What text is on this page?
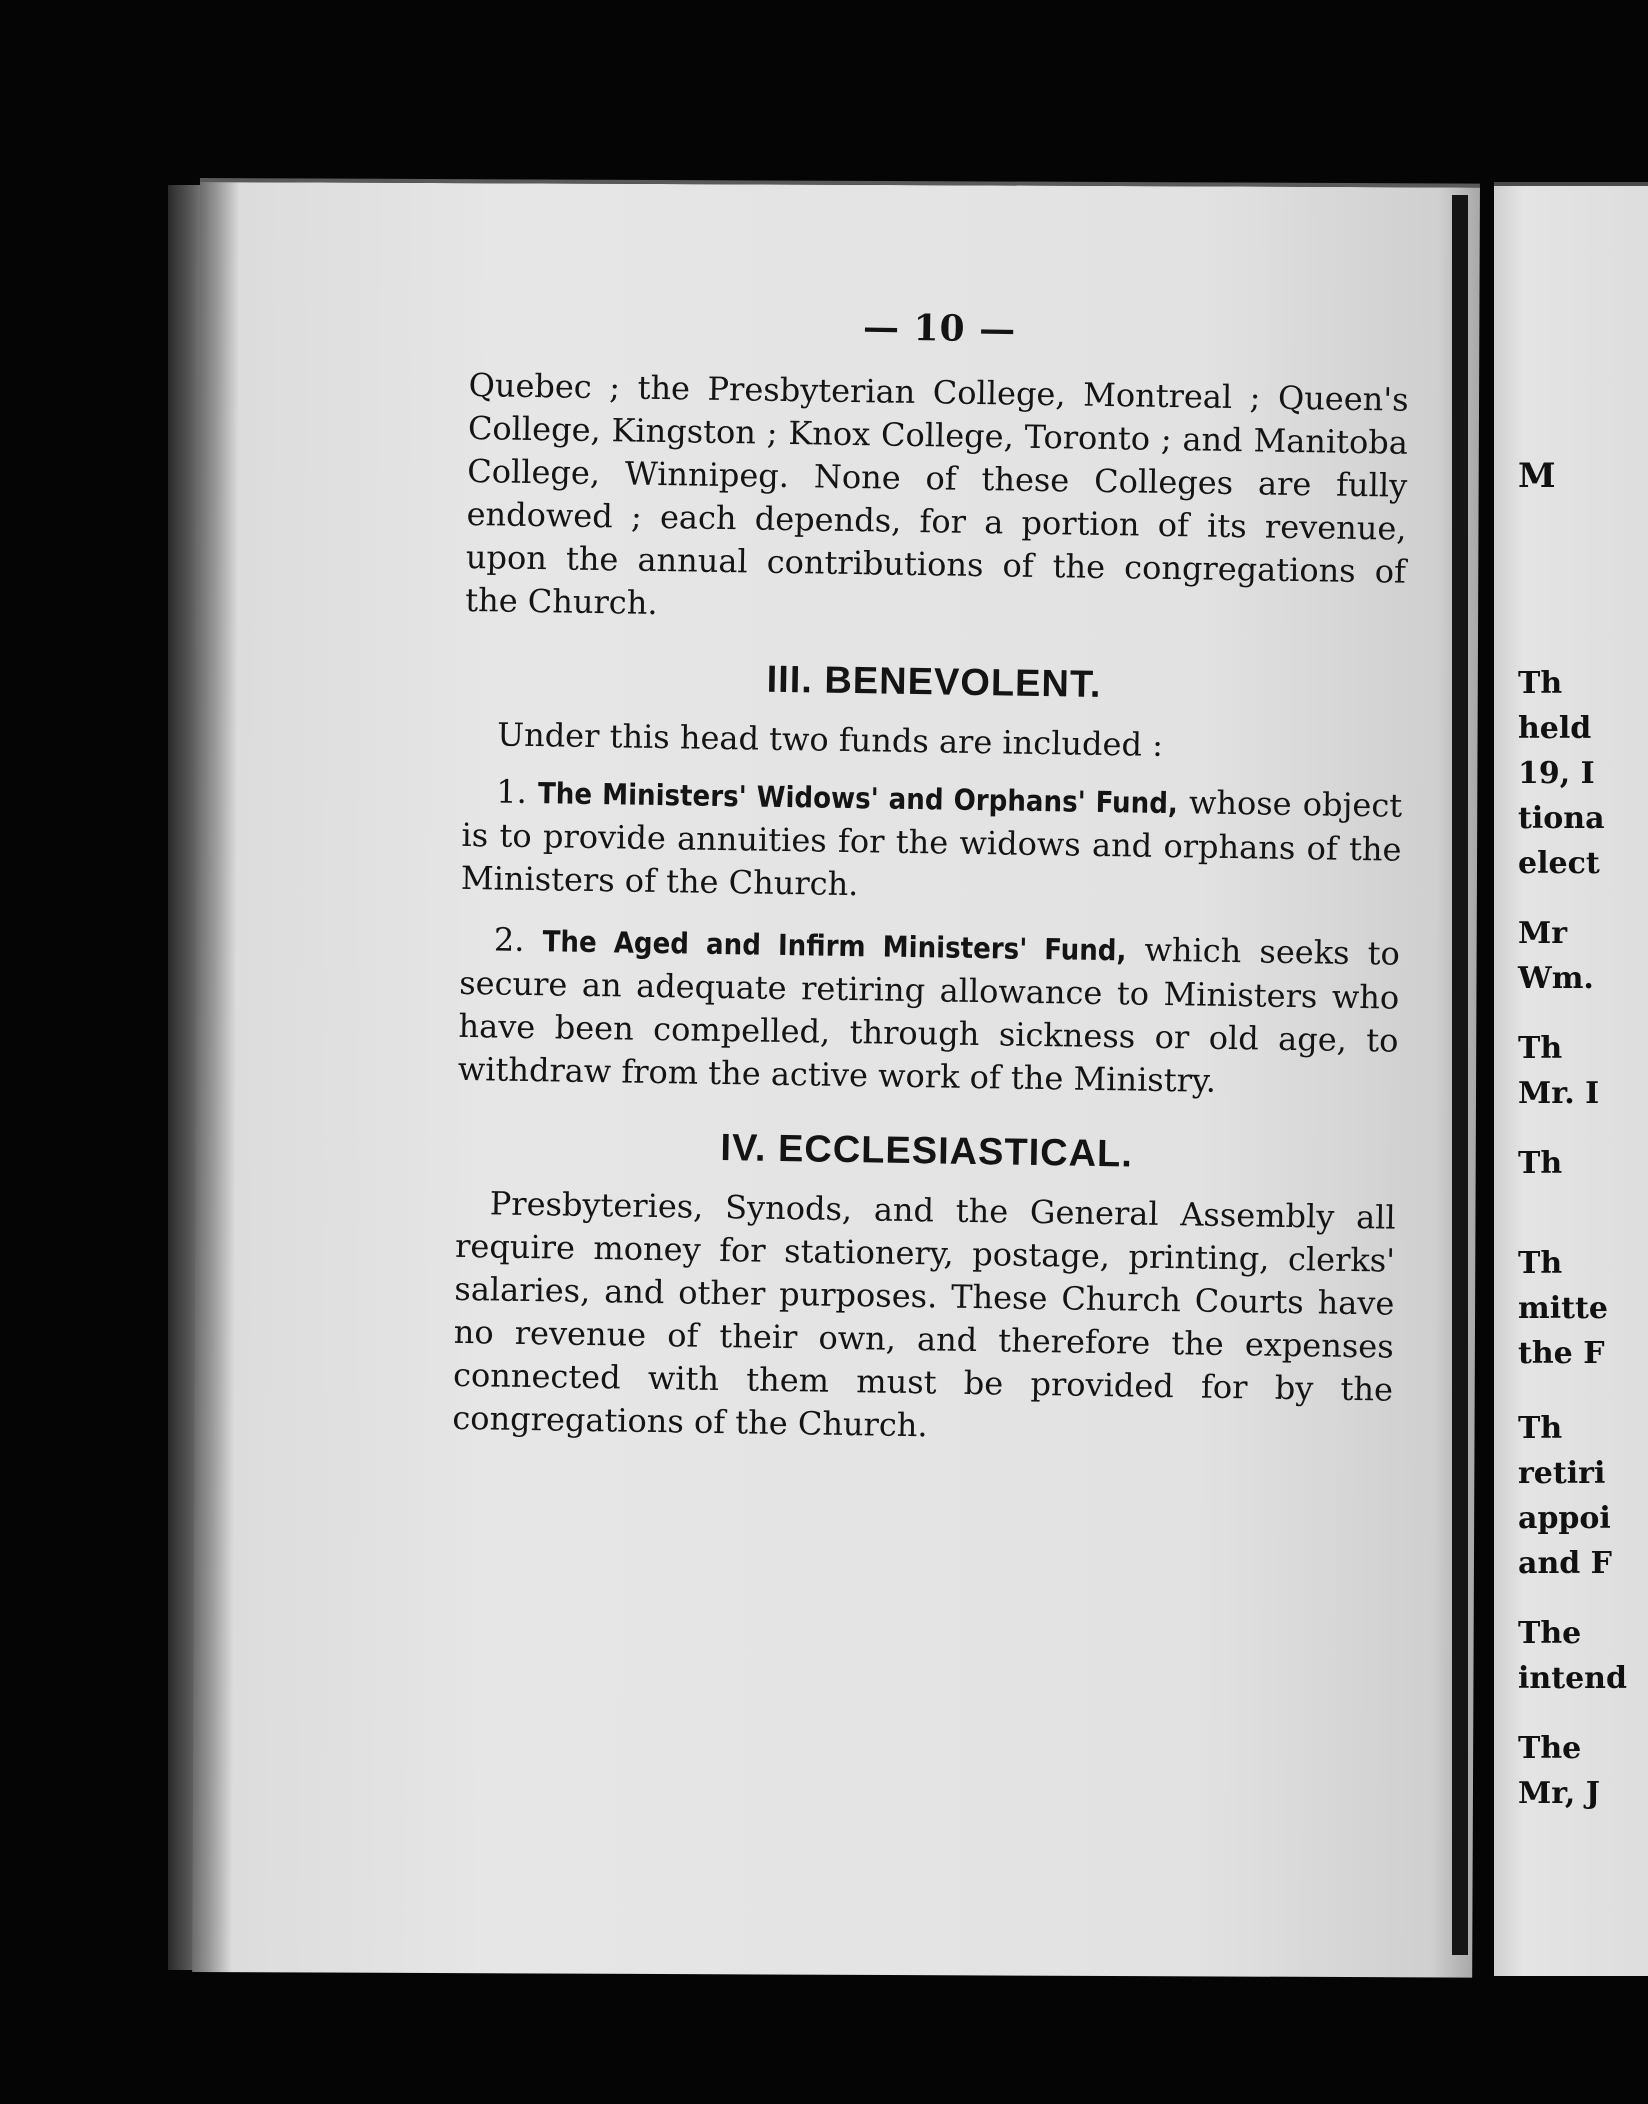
— 10 —

Quebec ; the Presbyterian College, Montreal ; Queen's College, Kingston ; Knox College, Toronto ; and Manitoba College, Winnipeg. None of these Colleges are fully endowed ; each depends, for a portion of its revenue, upon the annual contributions of the congregations of the Church.

III. BENEVOLENT.

Under this head two funds are included :

1. The Ministers' Widows' and Orphans' Fund, whose object is to provide annuities for the widows and orphans of the Ministers of the Church.

2. The Aged and Infirm Ministers' Fund, which seeks to secure an adequate retiring allowance to Ministers who have been compelled, through sickness or old age, to withdraw from the active work of the Ministry.

IV. ECCLESIASTICAL.

Presbyteries, Synods, and the General Assembly all require money for stationery, postage, printing, clerks' salaries, and other purposes. These Church Courts have no revenue of their own, and therefore the expenses connected with them must be provided for by the congregations of the Church.

M
Th
held
19, I
tiona
elect
Mr
Wm.
Th
Mr. I
Th
Th
mitte
the F
Th
retiri
appoi
and F
The
intend
The
Mr, J
